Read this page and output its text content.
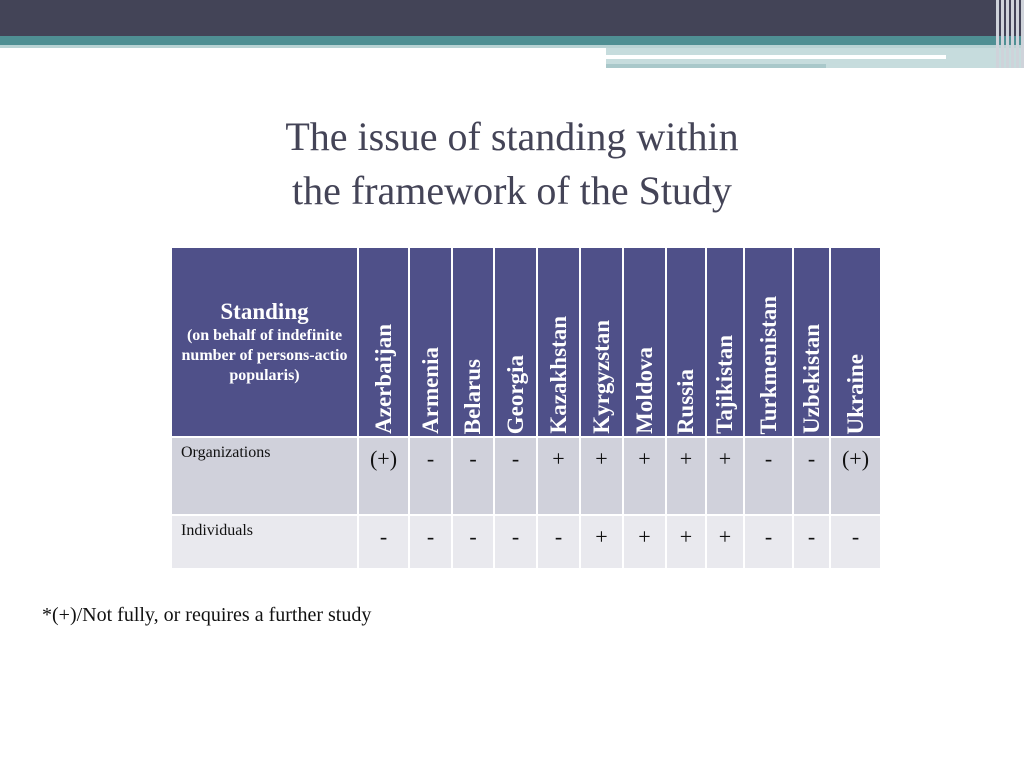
The issue of standing within
the framework of the Study
Standing
(on behalf of indefinite number of persons-actio popularis)	Azerbaijan	Armenia	Belarus	Georgia	Kazakhstan	Kyrgyzstan	Moldova	Russia	Tajikistan	Turkmenistan	Uzbekistan	Ukraine

Organizations	(+)	-	-	-	+	+	+	+	+	-	-	(+)
Individuals	-	-	-	-	-	+	+	+	+	-	-	-
*(+)/Not fully, or requires a further study
